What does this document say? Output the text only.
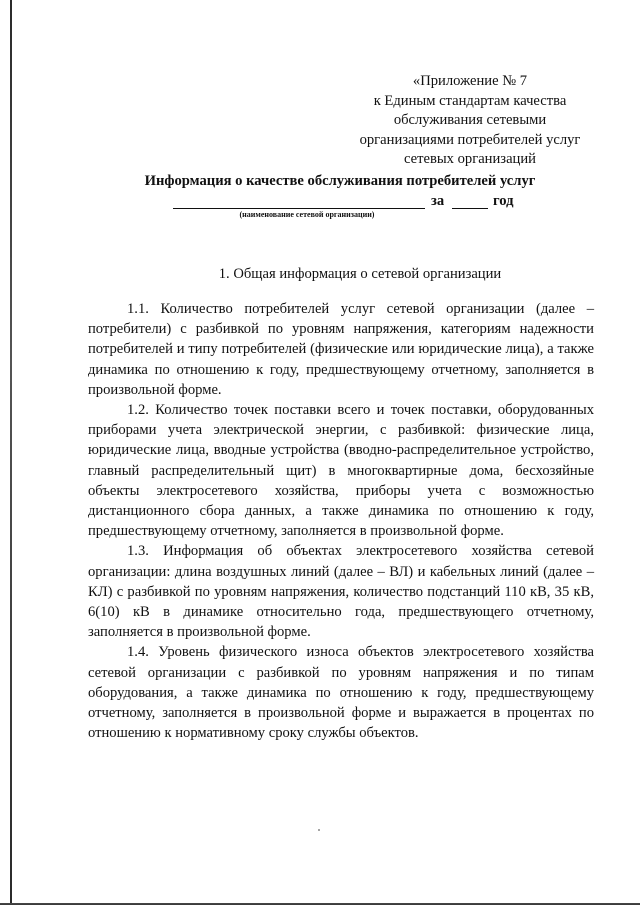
«Приложение № 7
к Единым стандартам качества
обслуживания сетевыми
организациями потребителей услуг
сетевых организаций
Информация о качестве обслуживания потребителей услуг
за	год
(наименование сетевой организации)
1. Общая информация о сетевой организации

1.1. Количество потребителей услуг сетевой организации (далее – потребители) с разбивкой по уровням напряжения, категориям надежности потребителей и типу потребителей (физические или юридические лица), а также динамика по отношению к году, предшествующему отчетному, заполняется в произвольной форме.

1.2. Количество точек поставки всего и точек поставки, оборудованных приборами учета электрической энергии, с разбивкой: физические лица, юридические лица, вводные устройства (вводно-распределительное устройство, главный распределительный щит) в многоквартирные дома, бесхозяйные объекты электросетевого хозяйства, приборы учета с возможностью дистанционного сбора данных, а также динамика по отношению к году, предшествующему отчетному, заполняется в произвольной форме.

1.3. Информация об объектах электросетевого хозяйства сетевой организации: длина воздушных линий (далее – ВЛ) и кабельных линий (далее – КЛ) с разбивкой по уровням напряжения, количество подстанций 110 кВ, 35 кВ, 6(10) кВ в динамике относительно года, предшествующего отчетному, заполняется в произвольной форме.

1.4. Уровень физического износа объектов электросетевого хозяйства сетевой организации с разбивкой по уровням напряжения и по типам оборудования, а также динамика по отношению к году, предшествующему отчетному, заполняется в произвольной форме и выражается в процентах по отношению к нормативному сроку службы объектов.
